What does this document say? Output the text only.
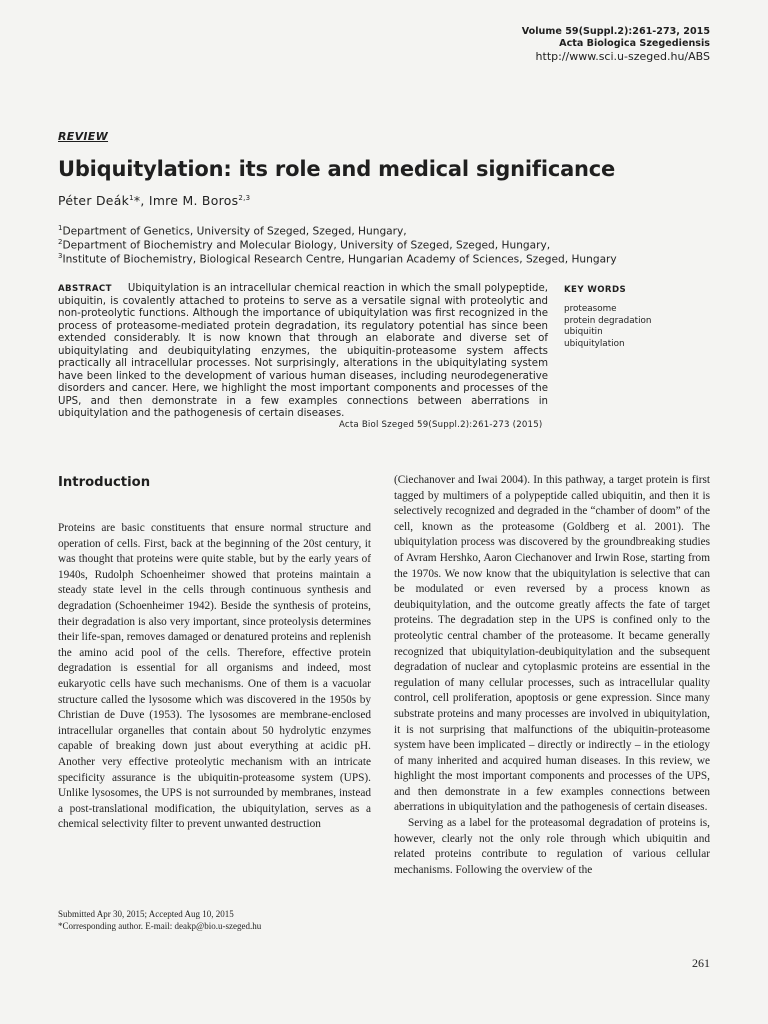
Volume 59(Suppl.2):261-273, 2015
Acta Biologica Szegediensis
http://www.sci.u-szeged.hu/ABS
REVIEW
Ubiquitylation: its role and medical significance
Péter Deák$^1$*, Imre M. Boros$^{2,3}$
$^1$Department of Genetics, University of Szeged, Szeged, Hungary,
$^2$Department of Biochemistry and Molecular Biology, University of Szeged, Szeged, Hungary,
$^3$Institute of Biochemistry, Biological Research Centre, Hungarian Academy of Sciences, Szeged, Hungary
ABSTRACT Ubiquitylation is an intracellular chemical reaction in which the small polypeptide, ubiquitin, is covalently attached to proteins to serve as a versatile signal with proteolytic and non-proteolytic functions. Although the importance of ubiquitylation was first recognized in the process of proteasome-mediated protein degradation, its regulatory potential has since been extended considerably. It is now known that through an elaborate and diverse set of ubiquitylating and deubiquitylating enzymes, the ubiquitin-proteasome system affects practically all intracellular processes. Not surprisingly, alterations in the ubiquitylating system have been linked to the development of various human diseases, including neurodegenerative disorders and cancer. Here, we highlight the most important components and processes of the UPS, and then demonstrate in a few examples connections between aberrations in ubiquitylation and the pathogenesis of certain diseases.
Acta Biol Szeged 59(Suppl.2):261-273 (2015)
KEY WORDS
proteasome
protein degradation
ubiquitin
ubiquitylation
Introduction

Proteins are basic constituents that ensure normal structure and operation of cells. First, back at the beginning of the 20st century, it was thought that proteins were quite stable, but by the early years of 1940s, Rudolph Schoenheimer showed that proteins maintain a steady state level in the cells through continuous synthesis and degradation (Schoenheimer 1942). Beside the synthesis of proteins, their degradation is also very important, since proteolysis determines their life-span, removes damaged or denatured proteins and replenish the amino acid pool of the cells. Therefore, effective protein degradation is essential for all organisms and indeed, most eukaryotic cells have such mechanisms. One of them is a vacuolar structure called the lysosome which was discovered in the 1950s by Christian de Duve (1953). The lysosomes are membrane-enclosed intracellular organelles that contain about 50 hydrolytic enzymes capable of breaking down just about everything at acidic pH. Another very effective proteolytic mechanism with an intricate specificity assurance is the ubiquitin-proteasome system (UPS). Unlike lysosomes, the UPS is not surrounded by membranes, instead a post-translational modification, the ubiquitylation, serves as a chemical selectivity filter to prevent unwanted destruction

(Ciechanover and Iwai 2004). In this pathway, a target protein is first tagged by multimers of a polypeptide called ubiquitin, and then it is selectively recognized and degraded in the “chamber of doom” of the cell, known as the proteasome (Goldberg et al. 2001). The ubiquitylation process was discovered by the groundbreaking studies of Avram Hershko, Aaron Ciechanover and Irwin Rose, starting from the 1970s. We now know that the ubiquitylation is selective that can be modulated or even reversed by a process known as deubiquitylation, and the outcome greatly affects the fate of target proteins. The degradation step in the UPS is confined only to the proteolytic central chamber of the proteasome. It became generally recognized that ubiquitylation-deubiquitylation and the subsequent degradation of nuclear and cytoplasmic proteins are essential in the regulation of many cellular processes, such as intracellular quality control, cell proliferation, apoptosis or gene expression. Since many substrate proteins and many processes are involved in ubiquitylation, it is not surprising that malfunctions of the ubiquitin-proteasome system have been implicated – directly or indirectly – in the etiology of many inherited and acquired human diseases. In this review, we highlight the most important components and processes of the UPS, and then demonstrate in a few examples connections between aberrations in ubiquitylation and the pathogenesis of certain diseases.

Serving as a label for the proteasomal degradation of proteins is, however, clearly not the only role through which ubiquitin and related proteins contribute to regulation of various cellular mechanisms. Following the overview of the

Submitted Apr 30, 2015; Accepted Aug 10, 2015
*Corresponding author. E-mail: deakp@bio.u-szeged.hu
261
